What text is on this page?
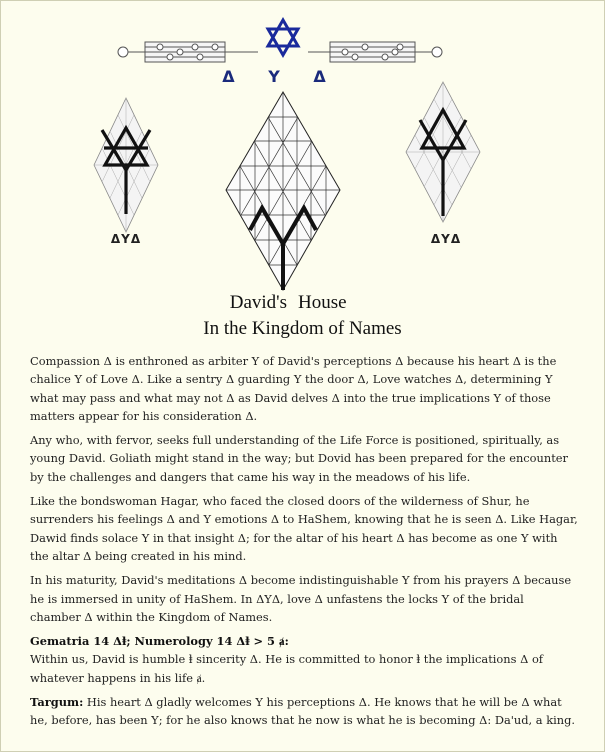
Δ Υ Δ
ΔΥΔ	ΔΥΔ
David's House
In the Kingdom of Names

Compassion Δ is enthroned as arbiter Υ of David's perceptions Δ because his heart Δ is the chalice Υ of Love Δ. Like a sentry Δ guarding Υ the door Δ, Love watches Δ, determining Υ what may pass and what may not Δ as David delves Δ into the true implications Υ of those matters appear for his consideration Δ.

Any who, with fervor, seeks full understanding of the Life Force is positioned, spiritually, as young David. Goliath might stand in the way; but Dovid has been prepared for the encounter by the challenges and dangers that came his way in the meadows of his life.

Like the bondswoman Hagar, who faced the closed doors of the wilderness of Shur, he surrenders his feelings Δ and Υ emotions Δ to HaShem, knowing that he is seen Δ. Like Hagar, Dawid finds solace Υ in that insight Δ; for the altar of his heart Δ has become as one Υ with the altar Δ being created in his mind.

In his maturity, David's meditations Δ become indistinguishable Υ from his prayers Δ because he is immersed in unity of HaShem. In ΔΥΔ, love Δ unfastens the locks Υ of the bridal chamber Δ within the Kingdom of Names.

Gematria 14 Δⱡ; Numerology 14 Δⱡ > 5 ⱥ:
Within us, David is humble ⱡ sincerity Δ. He is committed to honor ⱡ the implications Δ of whatever happens in his life ⱥ.

Targum: His heart Δ gladly welcomes Υ his perceptions Δ. He knows that he will be Δ what he, before, has been Υ; for he also knows that he now is what he is becoming Δ: Da'ud, a king.
